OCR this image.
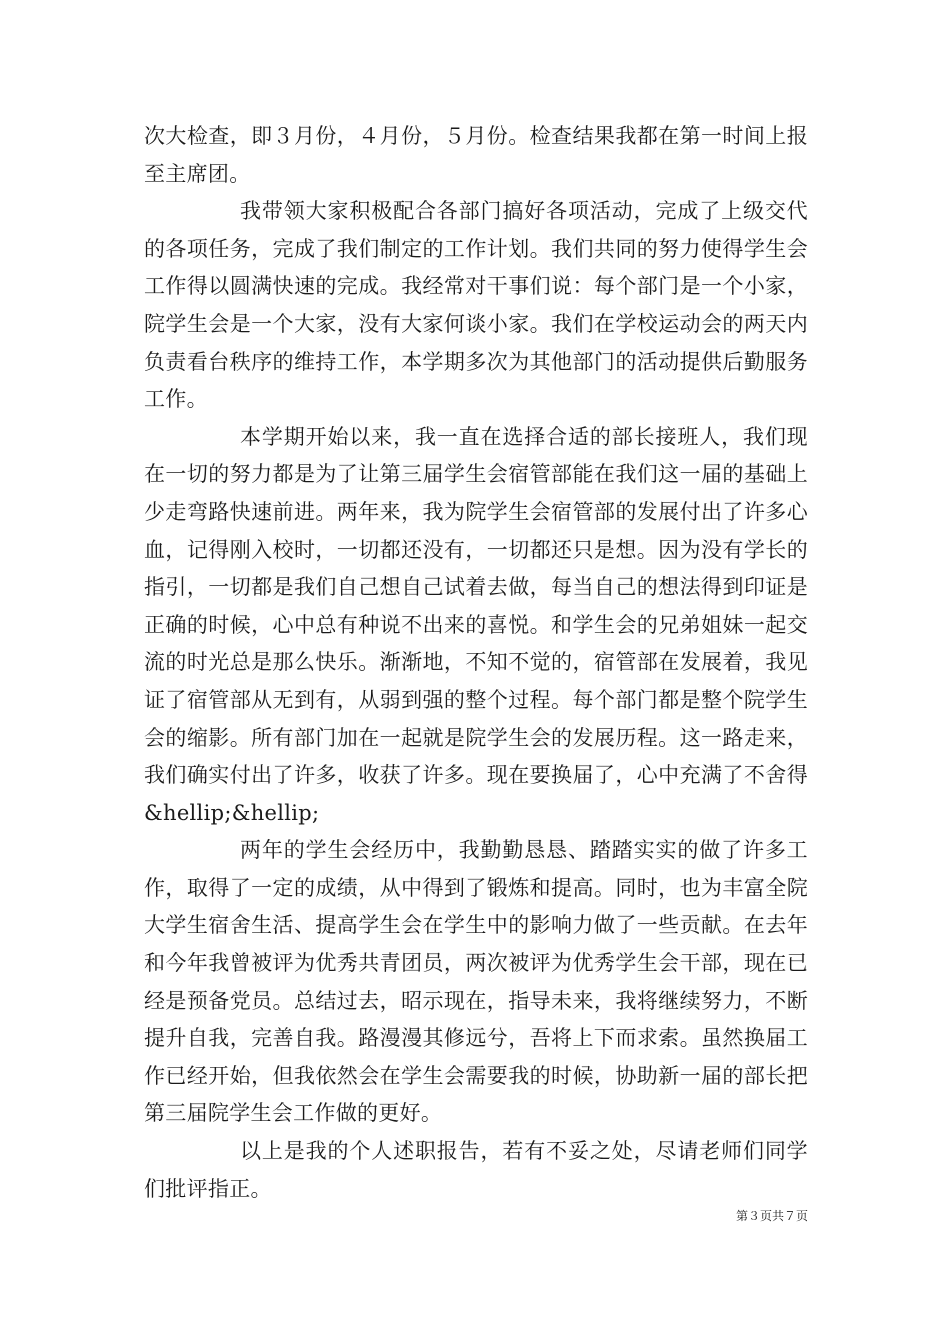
次大检查，即３月份，４月份，５月份。检查结果我都在第一时间上报至主席团。

我带领大家积极配合各部门搞好各项活动，完成了上级交代的各项任务，完成了我们制定的工作计划。我们共同的努力使得学生会工作得以圆满快速的完成。我经常对干事们说：每个部门是一个小家，院学生会是一个大家，没有大家何谈小家。我们在学校运动会的两天内负责看台秩序的维持工作，本学期多次为其他部门的活动提供后勤服务工作。

本学期开始以来，我一直在选择合适的部长接班人，我们现在一切的努力都是为了让第三届学生会宿管部能在我们这一届的基础上少走弯路快速前进。两年来，我为院学生会宿管部的发展付出了许多心血，记得刚入校时，一切都还没有，一切都还只是想。因为没有学长的指引，一切都是我们自己想自己试着去做，每当自己的想法得到印证是正确的时候，心中总有种说不出来的喜悦。和学生会的兄弟姐妹一起交流的时光总是那么快乐。渐渐地，不知不觉的，宿管部在发展着，我见证了宿管部从无到有，从弱到强的整个过程。每个部门都是整个院学生会的缩影。所有部门加在一起就是院学生会的发展历程。这一路走来，我们确实付出了许多，收获了许多。现在要换届了，心中充满了不舍得&hellip;&hellip;

两年的学生会经历中，我勤勤恳恳、踏踏实实的做了许多工作，取得了一定的成绩，从中得到了锻炼和提高。同时，也为丰富全院大学生宿舍生活、提高学生会在学生中的影响力做了一些贡献。在去年和今年我曾被评为优秀共青团员，两次被评为优秀学生会干部，现在已经是预备党员。总结过去，昭示现在，指导未来，我将继续努力，不断提升自我，完善自我。路漫漫其修远兮，吾将上下而求索。虽然换届工作已经开始，但我依然会在学生会需要我的时候，协助新一届的部长把第三届院学生会工作做的更好。

以上是我的个人述职报告，若有不妥之处，尽请老师们同学们批评指正。

第３页共７页
